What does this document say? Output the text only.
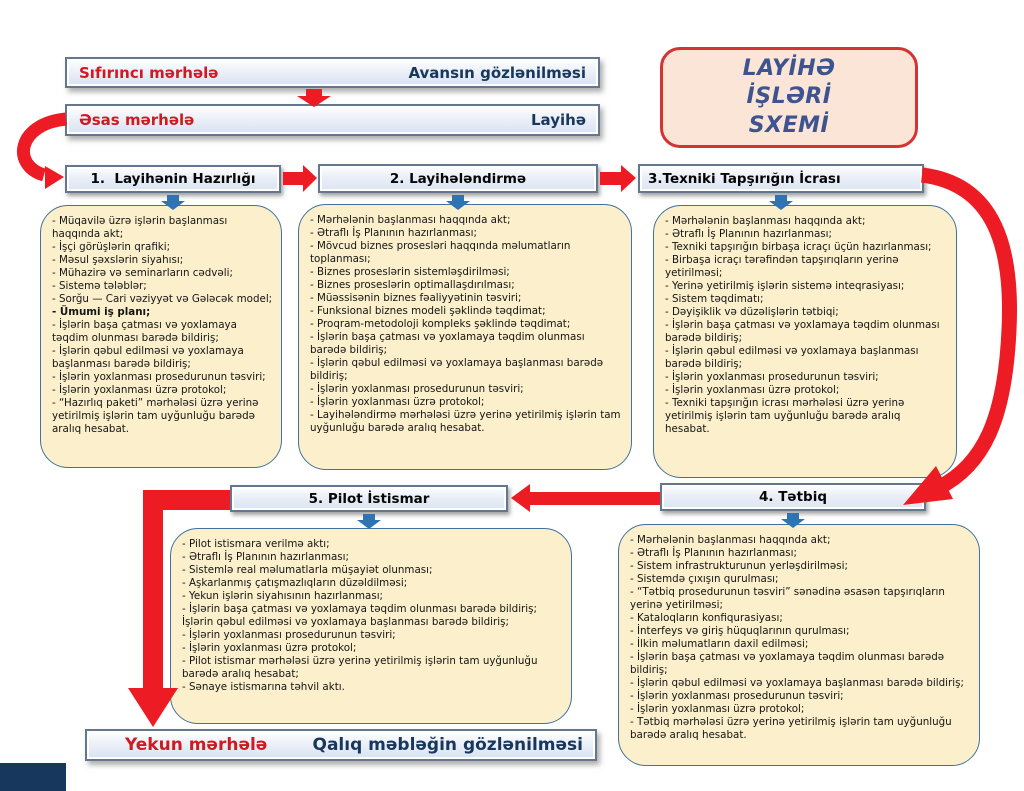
Sıfırıncı mərhələ	Avansın gözlənilməsi
Əsas mərhələ	Layihə
Yekun mərhələ	Qalıq məbləğin gözlənilməsi
LAYİHƏ
İŞLƏRİ
SXEMİ
1.  Layihənin Hazırlığı	2. Layihələndirmə	3.Texniki Tapşırığın İcrası
5. Pilot İstismar	4. Tətbiq
- Müqavilə üzrə işlərin başlanması haqqında akt;
- İşçi görüşlərin qrafiki;
- Məsul şəxslərin siyahısı;
- Mühazirə və seminarların cədvəli;
- Sistemə tələblər;
- Sorğu — Cari vəziyyət və Gələcək model;
- Ümumi iş planı;
- İşlərin başa çatması və yoxlamaya təqdim olunması barədə bildiriş;
- İşlərin qəbul edilməsi və yoxlamaya başlanması barədə bildiriş;
- İşlərin yoxlanması prosedurunun təsviri;
- İşlərin yoxlanması üzrə protokol;
- “Hazırlıq paketi” mərhələsi üzrə yerinə yetirilmiş işlərin tam uyğunluğu barədə aralıq hesabat.
- Mərhələnin başlanması haqqında akt;
- Ətraflı İş Planının hazırlanması;
- Mövcud biznes prosesləri haqqında məlumatların toplanması;
- Biznes proseslərin sistemləşdirilməsi;
- Biznes proseslərin optimallaşdırılması;
- Müəssisənin biznes fəaliyyətinin təsviri;
- Funksional biznes modeli şəklində təqdimat;
- Proqram-metodoloji kompleks şəklində təqdimat;
- İşlərin başa çatması və yoxlamaya təqdim olunması barədə bildiriş;
- İşlərin qəbul edilməsi və yoxlamaya başlanması barədə bildiriş;
- İşlərin yoxlanması prosedurunun təsviri;
- İşlərin yoxlanması üzrə protokol;
- Layihələndirmə mərhələsi üzrə yerinə yetirilmiş işlərin tam uyğunluğu barədə aralıq hesabat.
- Mərhələnin başlanması haqqında akt;
- Ətraflı İş Planının hazırlanması;
- Texniki tapşırığın birbaşa icraçı üçün hazırlanması;
- Birbaşa icraçı tərəfindən tapşırıqların yerinə yetirilməsi;
- Yerinə yetirilmiş işlərin sistemə inteqrasiyası;
- Sistem təqdimatı;
- Dəyişiklik və düzəlişlərin tətbiqi;
- İşlərin başa çatması və yoxlamaya təqdim olunması barədə bildiriş;
- İşlərin qəbul edilməsi və yoxlamaya başlanması barədə bildiriş;
- İşlərin yoxlanması prosedurunun təsviri;
- İşlərin yoxlanması üzrə protokol;
- Texniki tapşırığın icrası mərhələsi üzrə yerinə yetirilmiş işlərin tam uyğunluğu barədə aralıq hesabat.
- Pilot istismara verilmə aktı;
- Ətraflı İş Planının hazırlanması;
- Sistemlə real məlumatlarla müşayiət olunması;
- Aşkarlanmış çatışmazlıqların düzəldilməsi;
- Yekun işlərin siyahısının hazırlanması;
- İşlərin başa çatması və yoxlamaya təqdim olunması barədə bildiriş;
İşlərin qəbul edilməsi və yoxlamaya başlanması barədə bildiriş;
- İşlərin yoxlanması prosedurunun təsviri;
- İşlərin yoxlanması üzrə protokol;
- Pilot istismar mərhələsi üzrə yerinə yetirilmiş işlərin tam uyğunluğu barədə aralıq hesabat;
- Sənaye istismarına təhvil aktı.
- Mərhələnin başlanması haqqında akt;
- Ətraflı İş Planının hazırlanması;
- Sistem infrastrukturunun yerləşdirilməsi;
- Sistemdə çıxışın qurulması;
- “Tətbiq prosedurunun təsviri” sənədinə əsasən tapşırıqların yerinə yetirilməsi;
- Kataloqların konfiqurasiyası;
- İnterfeys və giriş hüquqlarının qurulması;
- İlkin məlumatların daxil edilməsi;
- İşlərin başa çatması və yoxlamaya təqdim olunması barədə bildiriş;
- İşlərin qəbul edilməsi və yoxlamaya başlanması barədə bildiriş;
- İşlərin yoxlanması prosedurunun təsviri;
- İşlərin yoxlanması üzrə protokol;
- Tətbiq mərhələsi üzrə yerinə yetirilmiş işlərin tam uyğunluğu barədə aralıq hesabat.
